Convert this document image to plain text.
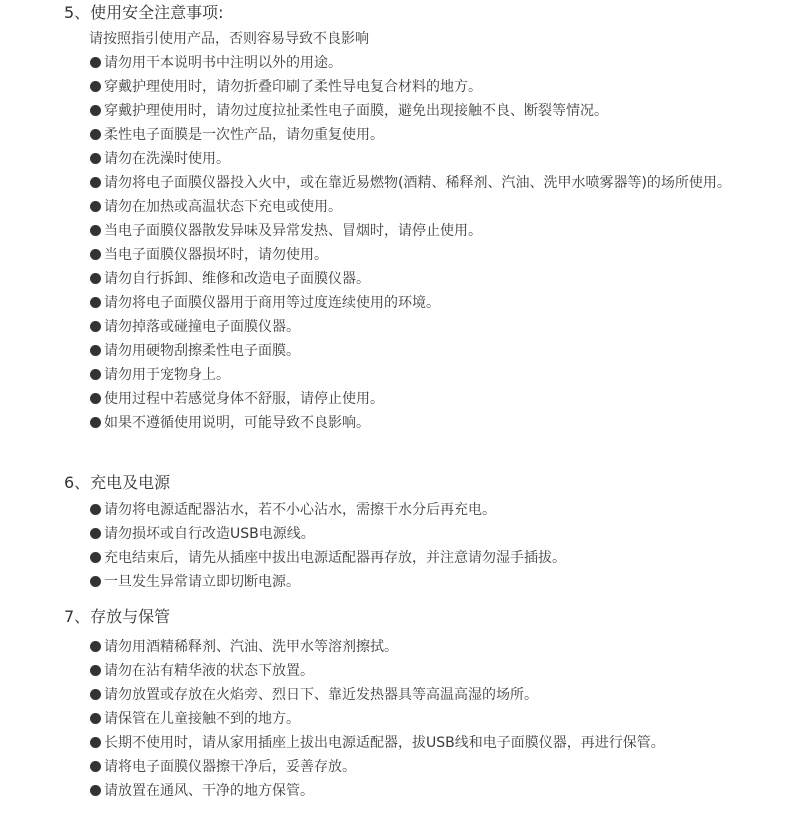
5、使用安全注意事项:
请按照指引使用产品，否则容易导致不良影响
请勿用干本说明书中注明以外的用途。
穿戴护理使用时，请勿折叠印刷了柔性导电复合材料的地方。
穿戴护理使用时，请勿过度拉扯柔性电子面膜，避免出现接触不良、断裂等情况。
柔性电子面膜是一次性产品，请勿重复使用。
请勿在洗澡时使用。
请勿将电子面膜仪器投入火中，或在靠近易燃物(酒精、稀释剂、汽油、洗甲水喷雾器等)的场所使用。
请勿在加热或高温状态下充电或使用。
当电子面膜仪器散发异味及异常发热、冒烟时，请停止使用。
当电子面膜仪器损坏时，请勿使用。
请勿自行拆卸、维修和改造电子面膜仪器。
请勿将电子面膜仪器用于商用等过度连续使用的环境。
请勿掉落或碰撞电子面膜仪器。
请勿用硬物刮擦柔性电子面膜。
请勿用于宠物身上。
使用过程中若感觉身体不舒服，请停止使用。
如果不遵循使用说明，可能导致不良影响。
6、充电及电源
请勿将电源适配器沾水，若不小心沾水，需擦干水分后再充电。
请勿损坏或自行改造USB电源线。
充电结束后，请先从插座中拔出电源适配器再存放，并注意请勿湿手插拔。
一旦发生异常请立即切断电源。
7、存放与保管
请勿用酒精稀释剂、汽油、洗甲水等溶剂擦拭。
请勿在沾有精华液的状态下放置。
请勿放置或存放在火焰旁、烈日下、靠近发热器具等高温高湿的场所。
请保管在儿童接触不到的地方。
长期不使用时，请从家用插座上拔出电源适配器，拔USB线和电子面膜仪器，再进行保管。
请将电子面膜仪器擦干净后，妥善存放。
请放置在通风、干净的地方保管。
